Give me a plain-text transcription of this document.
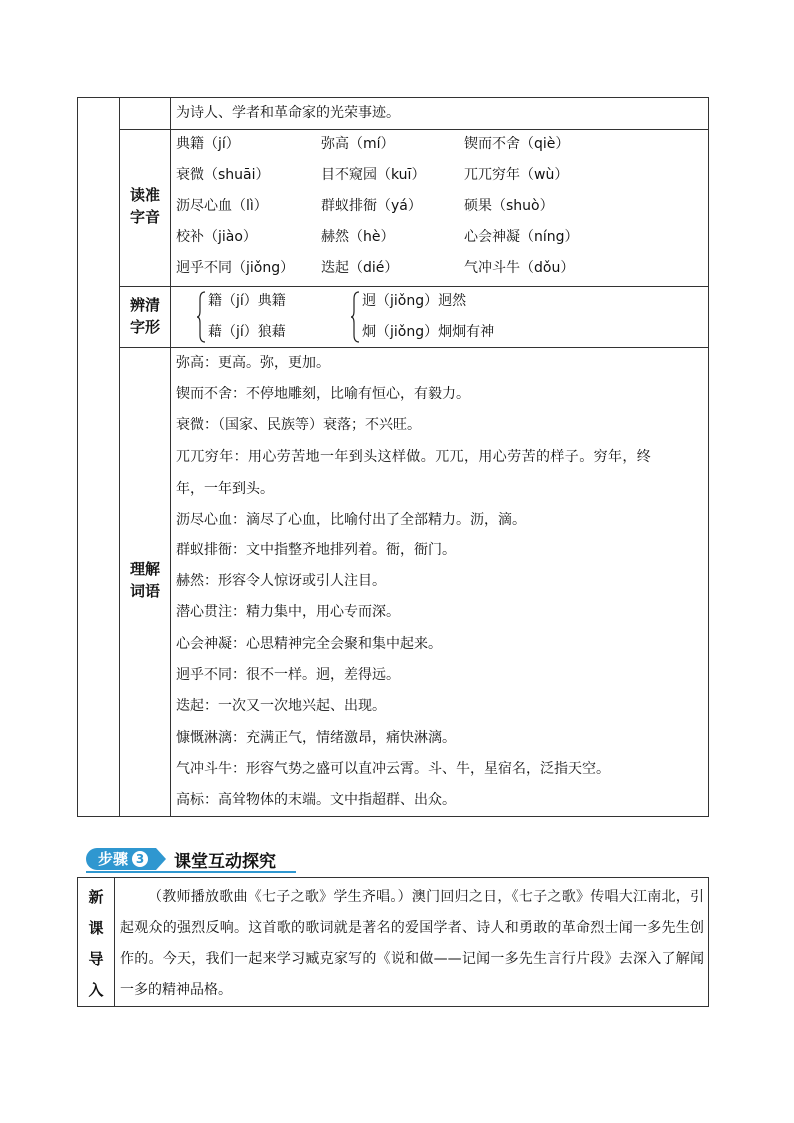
为诗人、学者和革命家的光荣事迹。
读准
字音
典籍（jí）	弥高（mí）	锲而不舍（qiè）
衰微（shuāi）	目不窥园（kuī）	兀兀穷年（wù）
沥尽心血（lì）	群蚁排衙（yá）	硕果（shuò）
校补（jiào）	赫然（hè）	心会神凝（níng）
迥乎不同（jiǒng） 迭起（dié）	气冲斗牛（dǒu）
辨清
字形
籍（jí）典籍
藉（jí）狼藉
迥（jiǒng）迥然
炯（jiǒng）炯炯有神
理解
词语
弥高：更高。弥，更加。
锲而不舍：不停地雕刻，比喻有恒心，有毅力。
衰微：（国家、民族等）衰落；不兴旺。
兀兀穷年：用心劳苦地一年到头这样做。兀兀，用心劳苦的样子。穷年，终
年，一年到头。
沥尽心血：滴尽了心血，比喻付出了全部精力。沥，滴。
群蚁排衙：文中指整齐地排列着。衙，衙门。
赫然：形容令人惊讶或引人注目。
潜心贯注：精力集中，用心专而深。
心会神凝：心思精神完全会聚和集中起来。
迥乎不同：很不一样。迥，差得远。
迭起：一次又一次地兴起、出现。
慷慨淋漓：充满正气，情绪激昂，痛快淋漓。
气冲斗牛：形容气势之盛可以直冲云霄。斗、牛，星宿名，泛指天空。
高标：高耸物体的末端。文中指超群、出众。
步骤 3 课堂互动探究
新
课
导
入
（教师播放歌曲《七子之歌》学生齐唱。）澳门回归之日，《七子之歌》传唱大江南北，引起观众的强烈反响。这首歌的歌词就是著名的爱国学者、诗人和勇敢的革命烈士闻一多先生创作的。今天，我们一起来学习臧克家写的《说和做——记闻一多先生言行片段》去深入了解闻一多的精神品格。
